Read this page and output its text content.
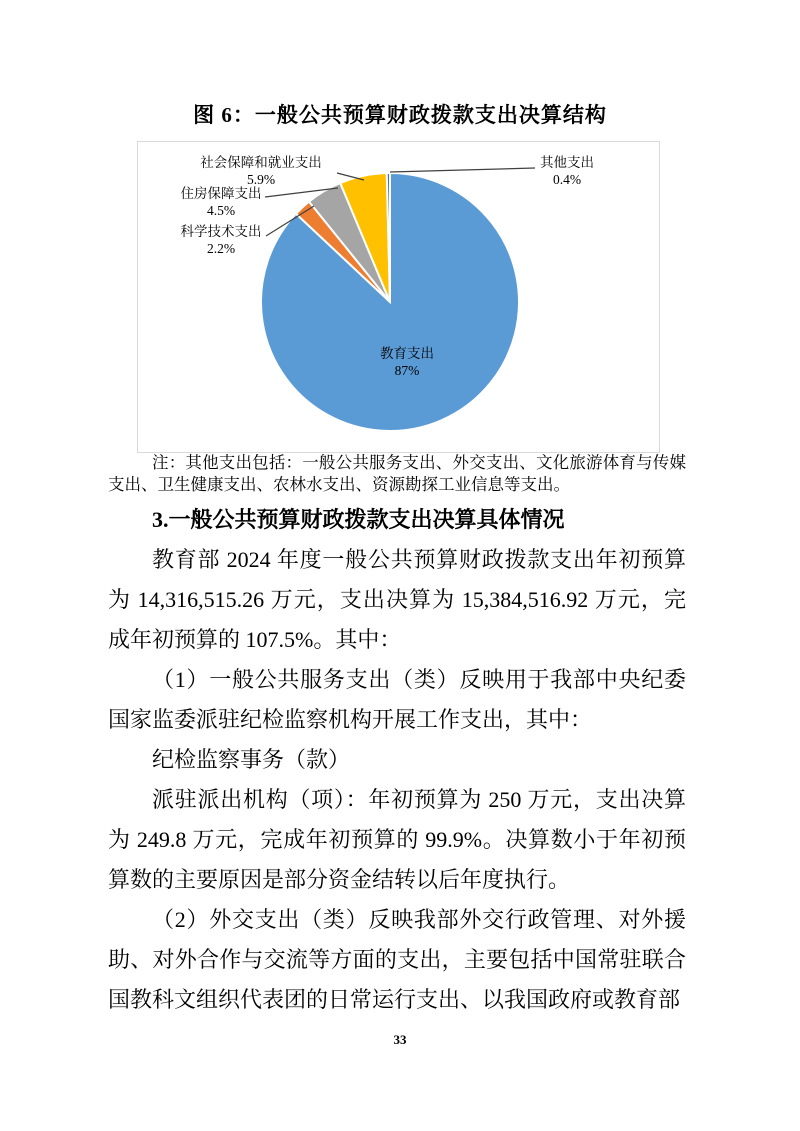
图 6：一般公共预算财政拨款支出决算结构
社会保障和就业支出
5.9%
住房保障支出
4.5%
科学技术支出
2.2%
其他支出
0.4%
教育支出
87%

注：其他支出包括：一般公共服务支出、外交支出、文化旅游体育与传媒支出、卫生健康支出、农林水支出、资源勘探工业信息等支出。

3.一般公共预算财政拨款支出决算具体情况

教育部 2024 年度一般公共预算财政拨款支出年初预算为 14,316,515.26 万元，支出决算为 15,384,516.92 万元，完成年初预算的 107.5%。其中：

（1）一般公共服务支出（类）反映用于我部中央纪委国家监委派驻纪检监察机构开展工作支出，其中：

纪检监察事务（款）

派驻派出机构（项）：年初预算为 250 万元，支出决算为 249.8 万元，完成年初预算的 99.9%。决算数小于年初预算数的主要原因是部分资金结转以后年度执行。

（2）外交支出（类）反映我部外交行政管理、对外援助、对外合作与交流等方面的支出，主要包括中国常驻联合国教科文组织代表团的日常运行支出、以我国政府或教育部

33
